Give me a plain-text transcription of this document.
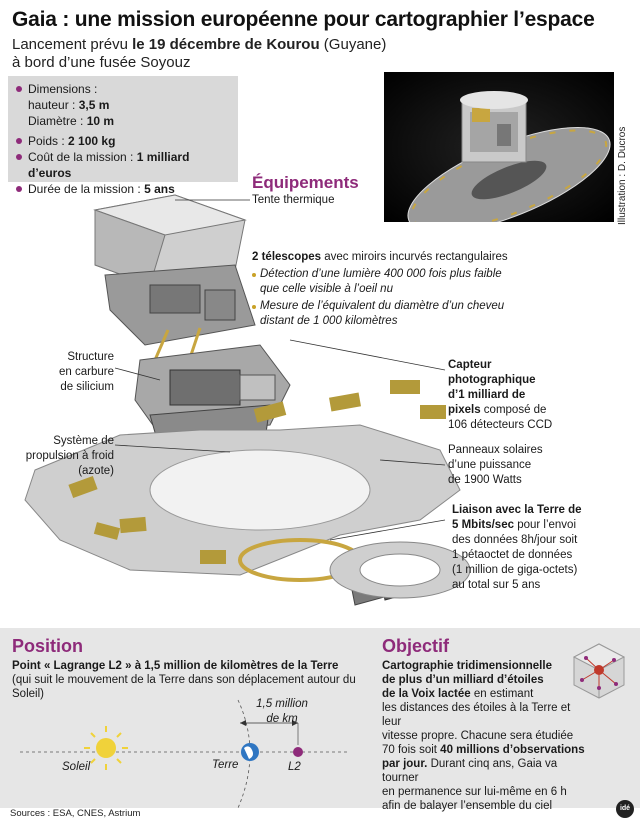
Gaia : une mission européenne pour cartographier l’espace
Lancement prévu le 19 décembre de Kourou (Guyane)
à bord d’une fusée Soyouz
Dimensions :
hauteur : 3,5 m
Diamètre : 10 m
Poids : 2 100 kg
Coût de la mission : 1 milliard d’euros
Durée de la mission : 5 ans	Illustration : D. Ducros
Équipements
Tente thermique
2 télescopes avec miroirs incurvés rectangulaires
Détection d’une lumière 400 000 fois plus faible
que celle visible à l’oeil nu
Mesure de l’équivalent du diamètre d’un cheveu
distant de 1 000 kilomètres
Structure
en carbure
de silicium
Capteur
photographique
d’1 milliard de
pixels composé de
106 détecteurs CCD
Système de
propulsion à froid
(azote)
Panneaux solaires
d’une puissance
de 1900 Watts
Liaison avec la Terre de
5 Mbits/sec pour l’envoi
des données 8h/jour soit
1 pétaoctet de données
(1 million de giga-octets)
au total sur 5 ans
Position
Point « Lagrange L2 » à 1,5 million de kilomètres de la Terre
(qui suit le mouvement de la Terre dans son déplacement autour du Soleil)
1,5 million
de km
Soleil	Terre	L2
Objectif
Cartographie tridimensionnelle
de plus d’un milliard d’étoiles
de la Voix lactée en estimant
les distances des étoiles à la Terre et leur
vitesse propre. Chacune sera étudiée
70 fois soit 40 millions d’observations
par jour. Durant cinq ans, Gaia va tourner
en permanence sur lui-même en 6 h
afin de balayer l’ensemble du ciel
Sources : ESA, CNES, Astrium	idé
